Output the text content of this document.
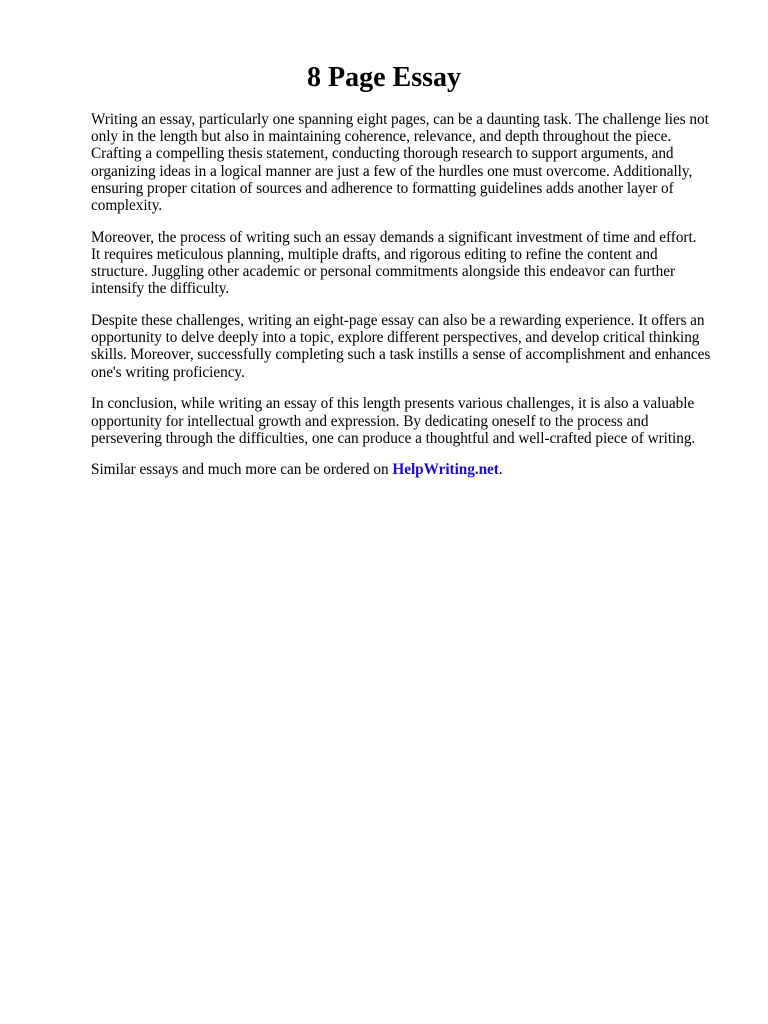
8 Page Essay

Writing an essay, particularly one spanning eight pages, can be a daunting task. The challenge lies not
only in the length but also in maintaining coherence, relevance, and depth throughout the piece.
Crafting a compelling thesis statement, conducting thorough research to support arguments, and
organizing ideas in a logical manner are just a few of the hurdles one must overcome. Additionally,
ensuring proper citation of sources and adherence to formatting guidelines adds another layer of
complexity.

Moreover, the process of writing such an essay demands a significant investment of time and effort.
It requires meticulous planning, multiple drafts, and rigorous editing to refine the content and
structure. Juggling other academic or personal commitments alongside this endeavor can further
intensify the difficulty.

Despite these challenges, writing an eight-page essay can also be a rewarding experience. It offers an
opportunity to delve deeply into a topic, explore different perspectives, and develop critical thinking
skills. Moreover, successfully completing such a task instills a sense of accomplishment and enhances
one's writing proficiency.

In conclusion, while writing an essay of this length presents various challenges, it is also a valuable
opportunity for intellectual growth and expression. By dedicating oneself to the process and
persevering through the difficulties, one can produce a thoughtful and well-crafted piece of writing.

Similar essays and much more can be ordered on HelpWriting.net.
